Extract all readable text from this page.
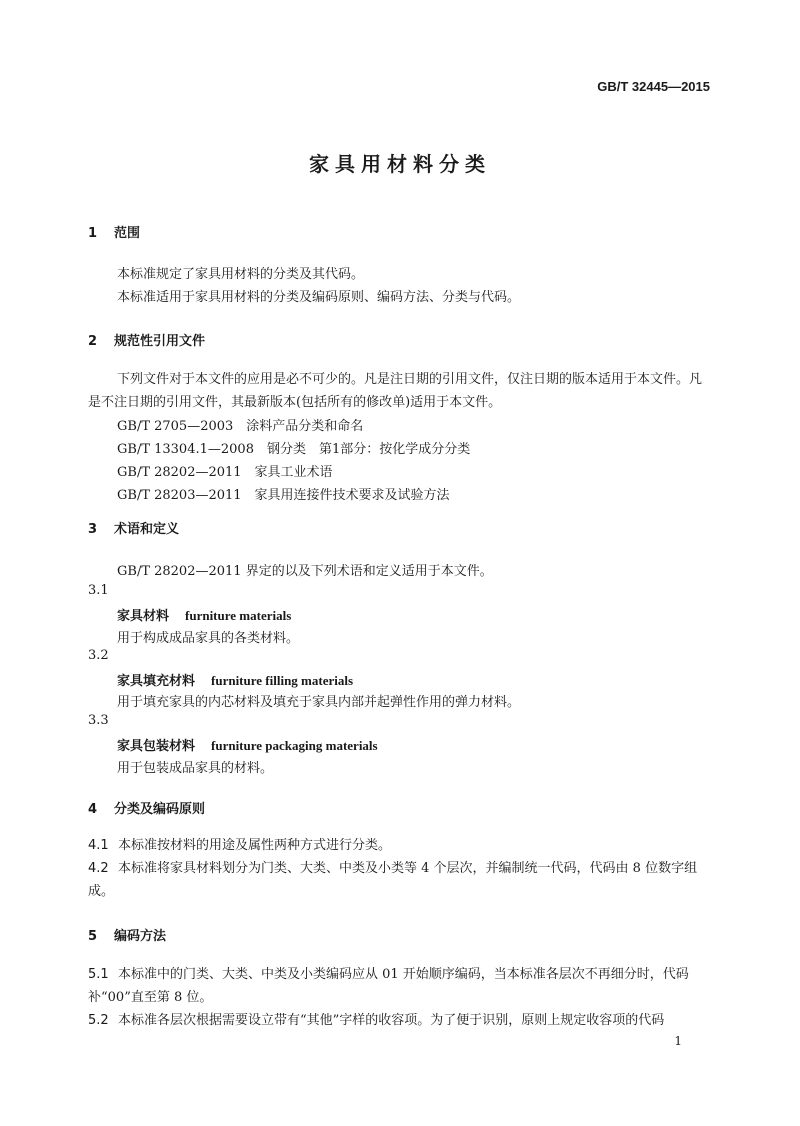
GB/T 32445—2015
家具用材料分类
1 范围
本标准规定了家具用材料的分类及其代码。
本标准适用于家具用材料的分类及编码原则、编码方法、分类与代码。
2 规范性引用文件
下列文件对于本文件的应用是必不可少的。凡是注日期的引用文件，仅注日期的版本适用于本文件。凡是不注日期的引用文件，其最新版本(包括所有的修改单)适用于本文件。
GB/T 2705—2003　涂料产品分类和命名
GB/T 13304.1—2008　钢分类　第1部分：按化学成分分类
GB/T 28202—2011　家具工业术语
GB/T 28203—2011　家具用连接件技术要求及试验方法
3 术语和定义
GB/T 28202—2011 界定的以及下列术语和定义适用于本文件。
3.1
家具材料 furniture materials
用于构成成品家具的各类材料。
3.2
家具填充材料 furniture filling materials
用于填充家具的内芯材料及填充于家具内部并起弹性作用的弹力材料。
3.3
家具包装材料 furniture packaging materials
用于包装成品家具的材料。
4 分类及编码原则
4.1 本标准按材料的用途及属性两种方式进行分类。
4.2 本标准将家具材料划分为门类、大类、中类及小类等 4 个层次，并编制统一代码，代码由 8 位数字组成。
5 编码方法
5.1 本标准中的门类、大类、中类及小类编码应从 01 开始顺序编码，当本标准各层次不再细分时，代码补“00”直至第 8 位。
5.2 本标准各层次根据需要设立带有“其他”字样的收容项。为了便于识别，原则上规定收容项的代码
1
